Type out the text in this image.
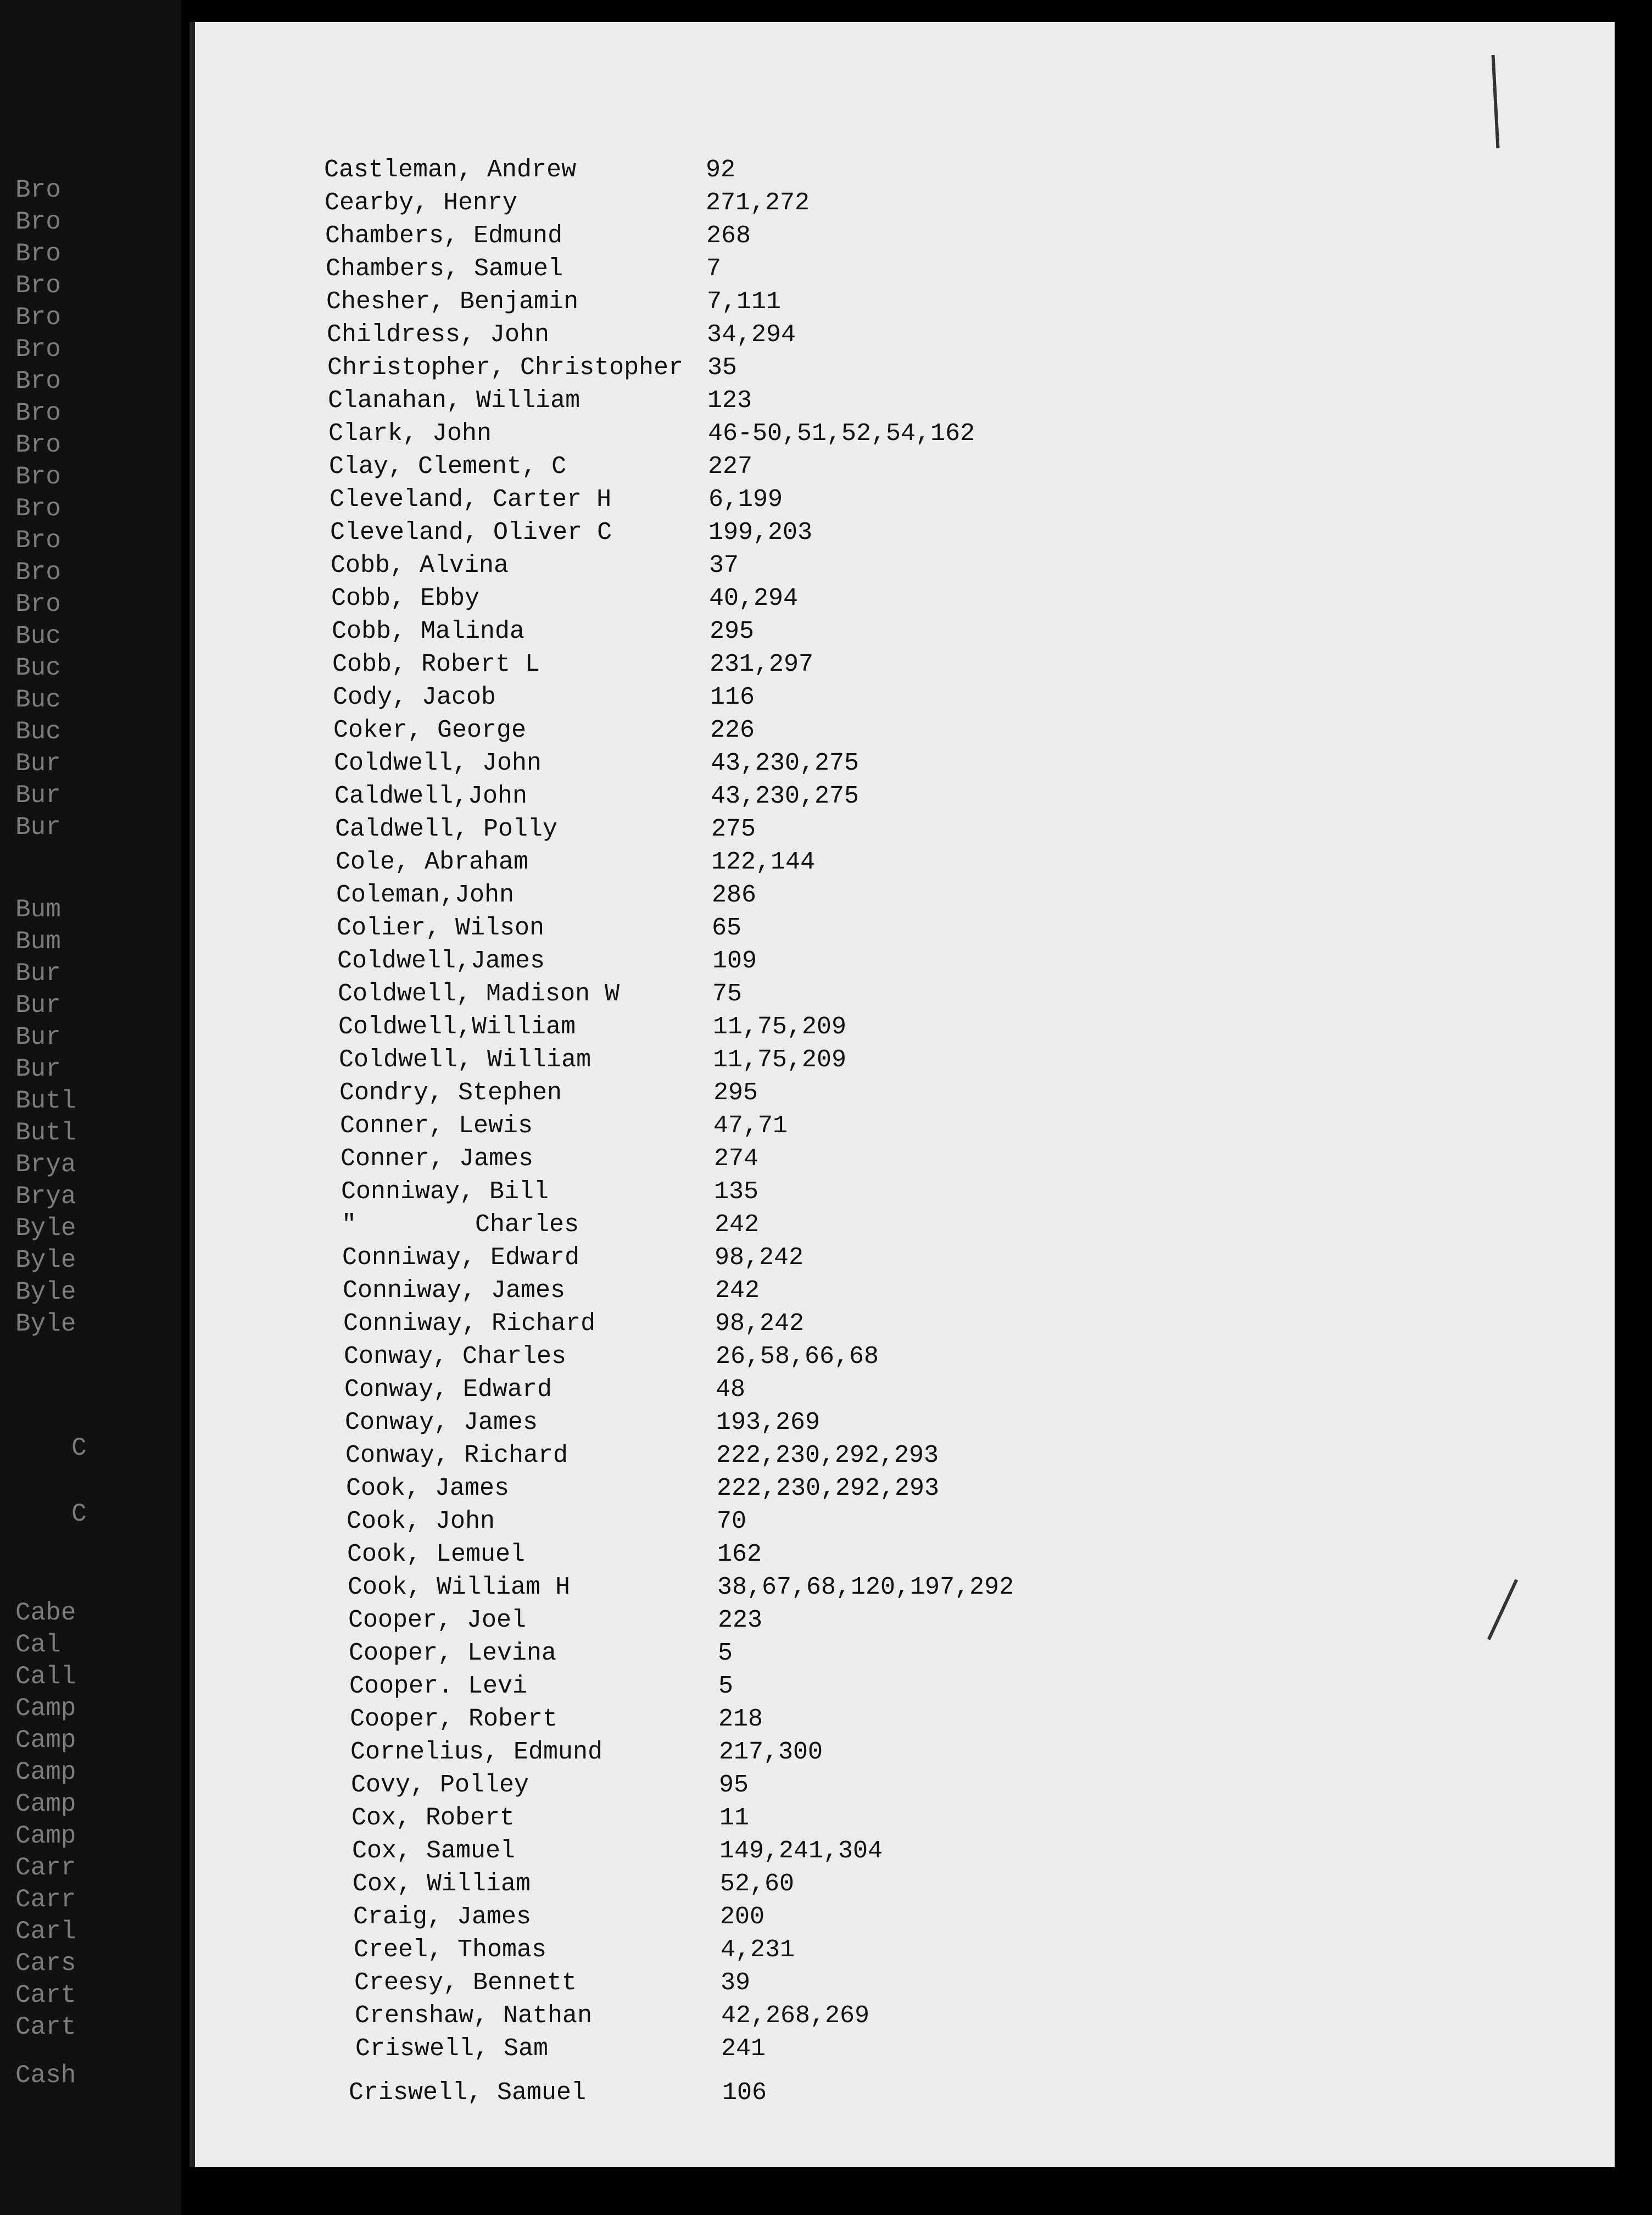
Bro
Bro
Bro
Bro
Bro
Bro
Bro
Bro
Bro
Bro
Bro
Bro
Bro
Bro
Buc
Buc
Buc
Buc
Bur
Bur
Bur
Bum
Bum
Bur
Bur
Bur
Bur
Butl
Butl
Brya
Brya
Byle
Byle
Byle
Byle
C
C
Cabe
Cal
Call
Camp
Camp
Camp
Camp
Camp
Carr
Carr
Carl
Cars
Cart
Cart
Cash
Castleman, Andrew	92
Cearby, Henry	271,272
Chambers, Edmund	268
Chambers, Samuel	7
Chesher, Benjamin	7,111
Childress, John	34,294
Christopher, Christopher 35
Clanahan, William	123
Clark, John	46-50,51,52,54,162
Clay, Clement, C	227
Cleveland, Carter H	6,199
Cleveland, Oliver C	199,203
Cobb, Alvina	37
Cobb, Ebby	40,294
Cobb, Malinda	295
Cobb, Robert L	231,297
Cody, Jacob	116
Coker, George	226
Coldwell, John	43,230,275
Caldwell,John	43,230,275
Caldwell, Polly	275
Cole, Abraham	122,144
Coleman,John	286
Colier, Wilson	65
Coldwell,James	109
Coldwell, Madison W	75
Coldwell,William	11,75,209
Coldwell, William	11,75,209
Condry, Stephen	295
Conner, Lewis	47,71
Conner, James	274
Conniway, Bill	135
"        Charles	242
Conniway, Edward	98,242
Conniway, James	242
Conniway, Richard	98,242
Conway, Charles	26,58,66,68
Conway, Edward	48
Conway, James	193,269
Conway, Richard	222,230,292,293
Cook, James	222,230,292,293
Cook, John	70
Cook, Lemuel	162
Cook, William H	38,67,68,120,197,292
Cooper, Joel	223
Cooper, Levina	5
Cooper. Levi	5
Cooper, Robert	218
Cornelius, Edmund	217,300
Covy, Polley	95
Cox, Robert	11
Cox, Samuel	149,241,304
Cox, William	52,60
Craig, James	200
Creel, Thomas	4,231
Creesy, Bennett	39
Crenshaw, Nathan	42,268,269
Criswell, Sam	241
Criswell, Samuel	106
